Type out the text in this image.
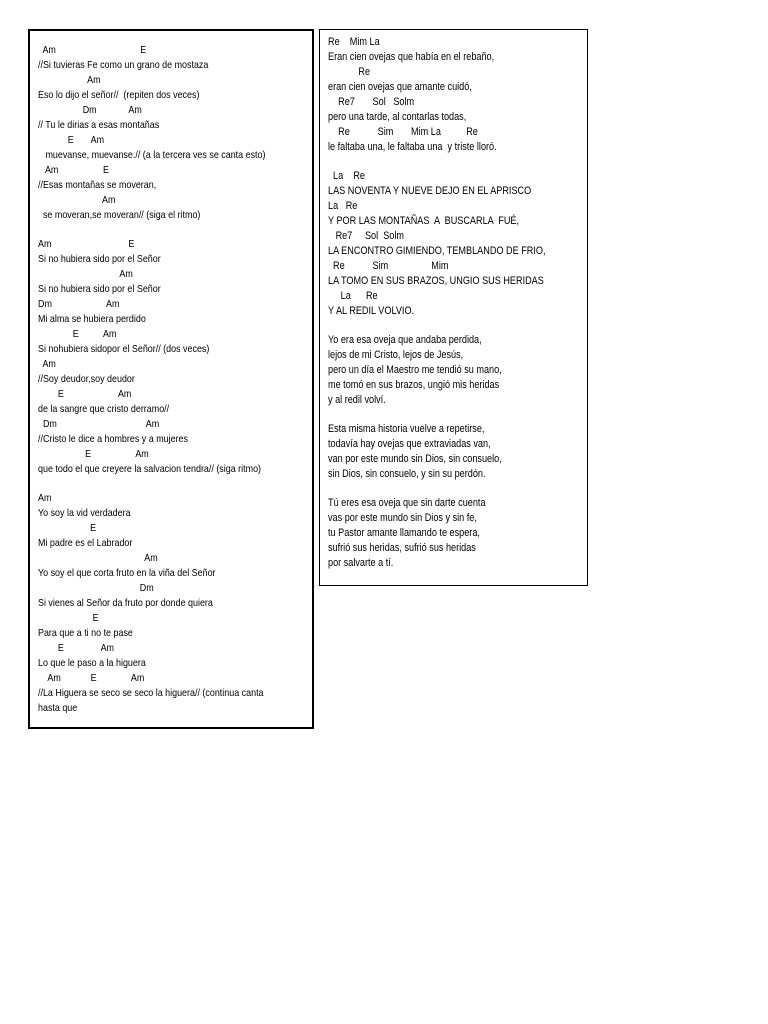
Am                                  E
//Si tuvieras Fe como un grano de mostaza
Am
Eso lo dijo el señor//  (repiten dos veces)
Dm             Am
// Tu le dirias a esas montañas
E       Am
muevanse, muevanse.// (a la tercera ves se canta esto)
Am                  E
//Esas montañas se moveran,
Am
se moveran,se moveran// (siga el ritmo)
Am                               E
Si no hubiera sido por el Señor
Am
Si no hubiera sido por el Señor
Dm                      Am
Mi alma se hubiera perdido
E          Am
Si nohubiera sidopor el Señor// (dos veces)
Am
//Soy deudor,soy deudor
E                      Am
de la sangre que cristo derramo//
Dm                                    Am
//Cristo le dice a hombres y a mujeres
E                  Am
que todo el que creyere la salvacion tendra// (siga ritmo)
Am
Yo soy la vid verdadera
E
Mi padre es el Labrador
Am
Yo soy el que corta fruto en la viña del Señor
Dm
Si vienes al Señor da fruto por donde quiera
E
Para que a ti no te pase
E               Am
Lo que le paso a la higuera
Am            E              Am
//La Higuera se seco se seco la higuera// (continua canta
hasta que
Re    Mim La
Eran cien ovejas que había en el rebaño,
Re
eran cien ovejas que amante cuidó,
Re7       Sol   Solm
pero una tarde, al contarlas todas,
Re           Sim       Mim La          Re
le faltaba una, le faltaba una  y triste lloró.
La    Re
LAS NOVENTA Y NUEVE DEJO EN EL APRISCO
La   Re
Y POR LAS MONTAÑAS  A  BUSCARLA  FUÉ,
Re7     Sol  Solm
LA ENCONTRO GIMIENDO, TEMBLANDO DE FRIO,
Re           Sim                 Mim
LA TOMO EN SUS BRAZOS, UNGIO SUS HERIDAS
La      Re
Y AL REDIL VOLVIO.
Yo era esa oveja que andaba perdida,
lejos de mi Cristo, lejos de Jesús,
pero un día el Maestro me tendió su mano,
me tomó en sus brazos, ungió mis heridas
y al redil volví.
Esta misma historia vuelve a repetirse,
todavía hay ovejas que extraviadas van,
van por este mundo sin Dios, sin consuelo,
sin Dios, sin consuelo, y sin su perdón.
Tú eres esa oveja que sin darte cuenta
vas por este mundo sin Dios y sin fe,
tu Pastor amante llamando te espera,
sufrió sus heridas, sufrió sus heridas
por salvarte a tí.
